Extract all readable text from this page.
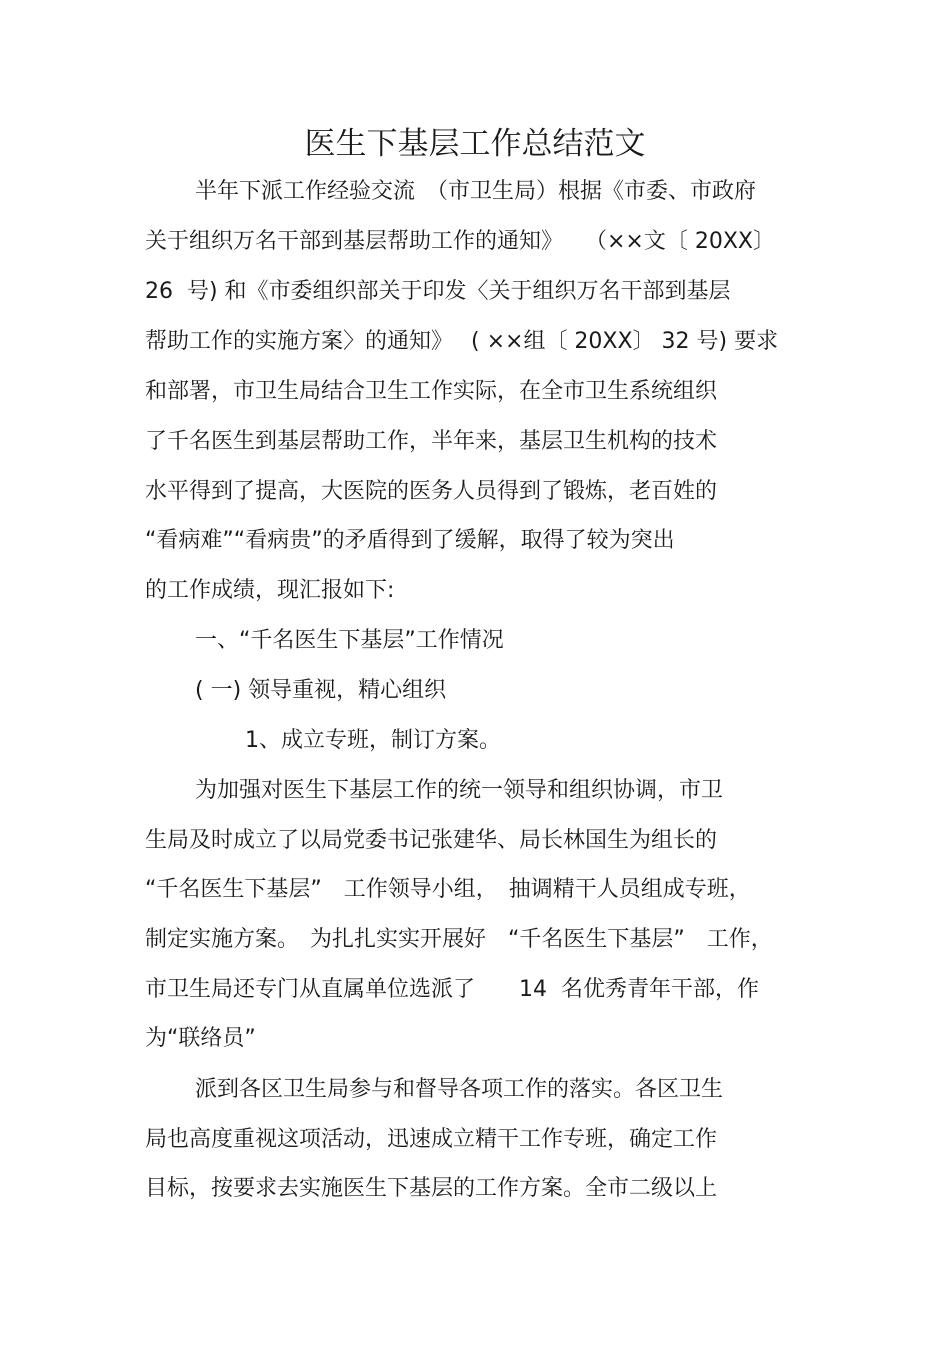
医生下基层工作总结范文
半年下派工作经验交流　（市卫生局）根据《市委、市政府
关于组织万名干部到基层帮助工作的通知》　　（××文〔 20XX〕
26  号) 和《市委组织部关于印发〈关于组织万名干部到基层
帮助工作的实施方案〉的通知》　 ( ××组〔 20XX〕 32 号) 要求
和部署，市卫生局结合卫生工作实际，在全市卫生系统组织
了千名医生到基层帮助工作，半年来，基层卫生机构的技术
水平得到了提高，大医院的医务人员得到了锻炼，老百姓的
“看病难”“看病贵”的矛盾得到了缓解，取得了较为突出
的工作成绩，现汇报如下:
一、“千名医生下基层”工作情况
( 一) 领导重视，精心组织
1、成立专班，制订方案。
为加强对医生下基层工作的统一领导和组织协调，市卫
生局及时成立了以局党委书记张建华、局长林国生为组长的
“千名医生下基层”　工作领导小组，　抽调精干人员组成专班，
制定实施方案。　为扎扎实实开展好　“千名医生下基层”　工作，
市卫生局还专门从直属单位选派了　　14  名优秀青年干部，作
为“联络员”
派到各区卫生局参与和督导各项工作的落实。各区卫生
局也高度重视这项活动，迅速成立精干工作专班，确定工作
目标，按要求去实施医生下基层的工作方案。全市二级以上
